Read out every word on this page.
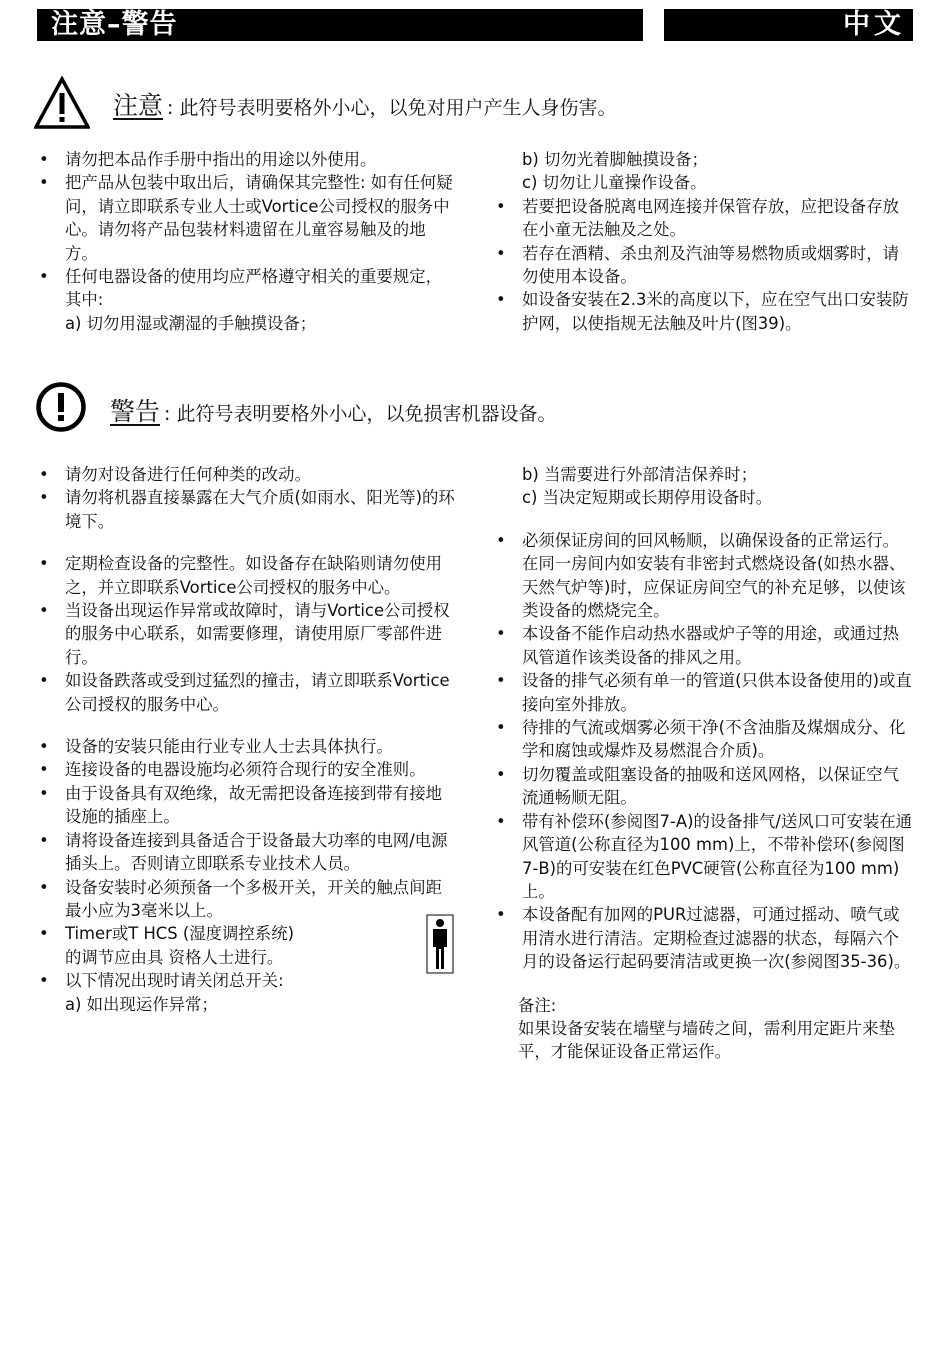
注意–警告	中文
注意 : 此符号表明要格外小心，以免对用户产生人身伤害。
• 请勿把本品作手册中指出的用途以外使用。
• 把产品从包装中取出后，请确保其完整性: 如有任何疑问，请立即联系专业人士或Vortice公司授权的服务中心。请勿将产品包装材料遗留在儿童容易触及的地方。
• 任何电器设备的使用均应严格遵守相关的重要规定，其中:
a) 切勿用湿或潮湿的手触摸设备；
b) 切勿光着脚触摸设备；
c) 切勿让儿童操作设备。
• 若要把设备脱离电网连接并保管存放，应把设备存放在小童无法触及之处。
• 若存在酒精、杀虫剂及汽油等易燃物质或烟雾时，请勿使用本设备。
• 如设备安装在2.3米的高度以下，应在空气出口安装防护网，以使指规无法触及叶片(图39)。
警告 : 此符号表明要格外小心，以免损害机器设备。
• 请勿对设备进行任何种类的改动。
• 请勿将机器直接暴露在大气介质(如雨水、阳光等)的环境下。
• 定期检查设备的完整性。如设备存在缺陷则请勿使用之，并立即联系Vortice公司授权的服务中心。
• 当设备出现运作异常或故障时，请与Vortice公司授权的服务中心联系，如需要修理，请使用原厂零部件进行。
• 如设备跌落或受到过猛烈的撞击，请立即联系Vortice公司授权的服务中心。
• 设备的安装只能由行业专业人士去具体执行。
• 连接设备的电器设施均必须符合现行的安全准则。
• 由于设备具有双绝缘，故无需把设备连接到带有接地设施的插座上。
• 请将设备连接到具备适合于设备最大功率的电网/电源插头上。否则请立即联系专业技术人员。
• 设备安装时必须预备一个多极开关，开关的触点间距最小应为3毫米以上。
• Timer或T HCS (湿度调控系统)
的调节应由具 资格人士进行。
• 以下情况出现时请关闭总开关:
a) 如出现运作异常；
b) 当需要进行外部清洁保养时；
c) 当决定短期或长期停用设备时。
• 必须保证房间的回风畅顺，以确保设备的正常运行。在同一房间内如安装有非密封式燃烧设备(如热水器、天然气炉等)时，应保证房间空气的补充足够，以使该类设备的燃烧完全。
• 本设备不能作启动热水器或炉子等的用途，或通过热风管道作该类设备的排风之用。
• 设备的排气必须有单一的管道(只供本设备使用的)或直接向室外排放。
• 待排的气流或烟雾必须干净(不含油脂及煤烟成分、化学和腐蚀或爆炸及易燃混合介质)。
• 切勿覆盖或阻塞设备的抽吸和送风网格，以保证空气流通畅顺无阻。
• 带有补偿环(参阅图7-A)的设备排气/送风口可安装在通风管道(公称直径为100 mm)上，不带补偿环(参阅图7-B)的可安装在红色PVC硬管(公称直径为100 mm)上。
• 本设备配有加网的PUR过滤器，可通过摇动、喷气或用清水进行清洁。定期检查过滤器的状态，每隔六个月的设备运行起码要清洁或更换一次(参阅图35-36)。
备注:
如果设备安装在墙壁与墙砖之间，需利用定距片来垫平，才能保证设备正常运作。
